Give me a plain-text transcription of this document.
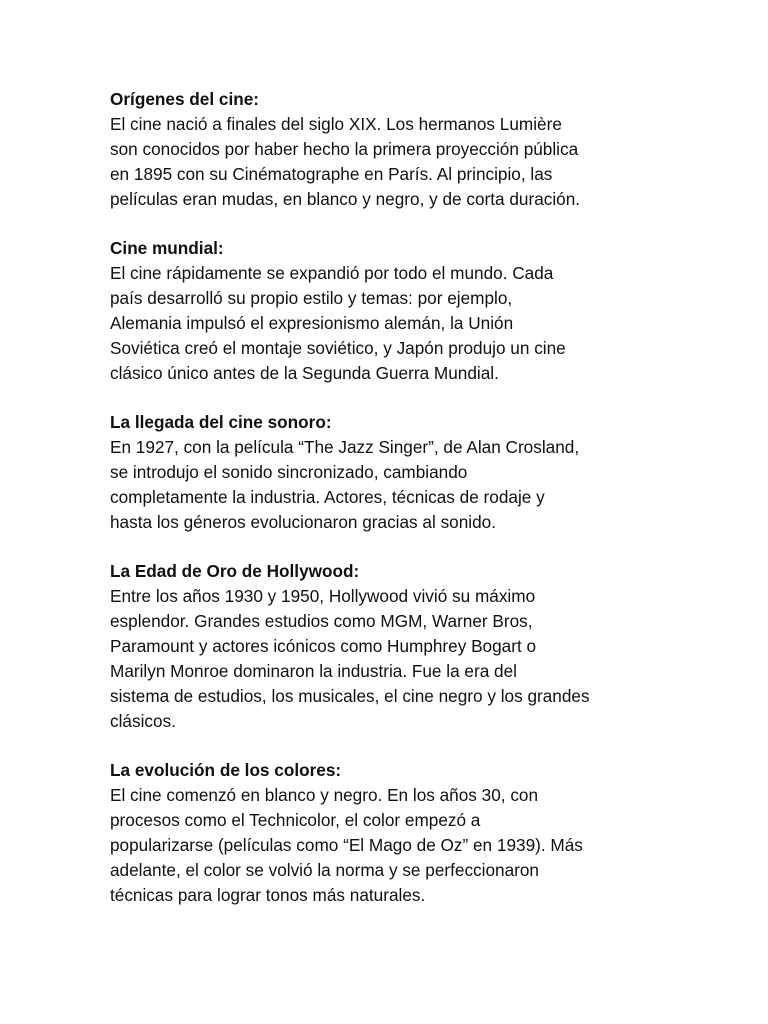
Orígenes del cine:
El cine nació a finales del siglo XIX. Los hermanos Lumière
son conocidos por haber hecho la primera proyección pública
en 1895 con su Cinématographe en París. Al principio, las
películas eran mudas, en blanco y negro, y de corta duración.
Cine mundial:
El cine rápidamente se expandió por todo el mundo. Cada
país desarrolló su propio estilo y temas: por ejemplo,
Alemania impulsó el expresionismo alemán, la Unión
Soviética creó el montaje soviético, y Japón produjo un cine
clásico único antes de la Segunda Guerra Mundial.
La llegada del cine sonoro:
En 1927, con la película “The Jazz Singer”, de Alan Crosland,
se introdujo el sonido sincronizado, cambiando
completamente la industria. Actores, técnicas de rodaje y
hasta los géneros evolucionaron gracias al sonido.
La Edad de Oro de Hollywood:
Entre los años 1930 y 1950, Hollywood vivió su máximo
esplendor. Grandes estudios como MGM, Warner Bros,
Paramount y actores icónicos como Humphrey Bogart o
Marilyn Monroe dominaron la industria. Fue la era del
sistema de estudios, los musicales, el cine negro y los grandes
clásicos.
La evolución de los colores:
El cine comenzó en blanco y negro. En los años 30, con
procesos como el Technicolor, el color empezó a
popularizarse (películas como “El Mago de Oz” en 1939). Más
adelante, el color se volvió la norma y se perfeccionaron
técnicas para lograr tonos más naturales.
